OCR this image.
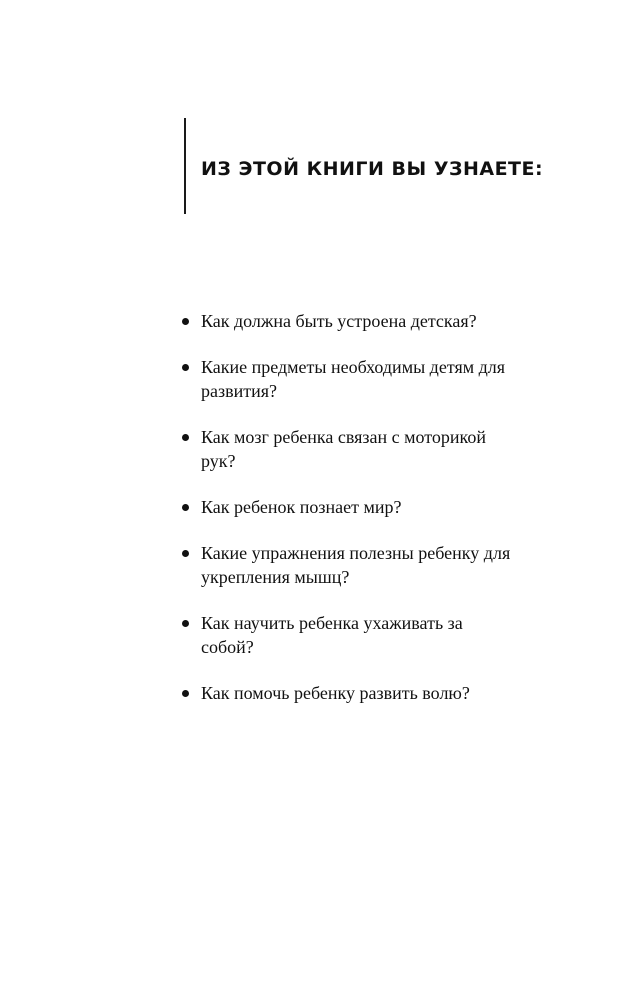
ИЗ ЭТОЙ КНИГИ ВЫ УЗНАЕТЕ:
Как должна быть устроена детская?
Какие предметы необходимы детям для развития?
Как мозг ребенка связан с моторикой рук?
Как ребенок познает мир?
Какие упражнения полезны ребенку для укрепления мышц?
Как научить ребенка ухаживать за собой?
Как помочь ребенку развить волю?
